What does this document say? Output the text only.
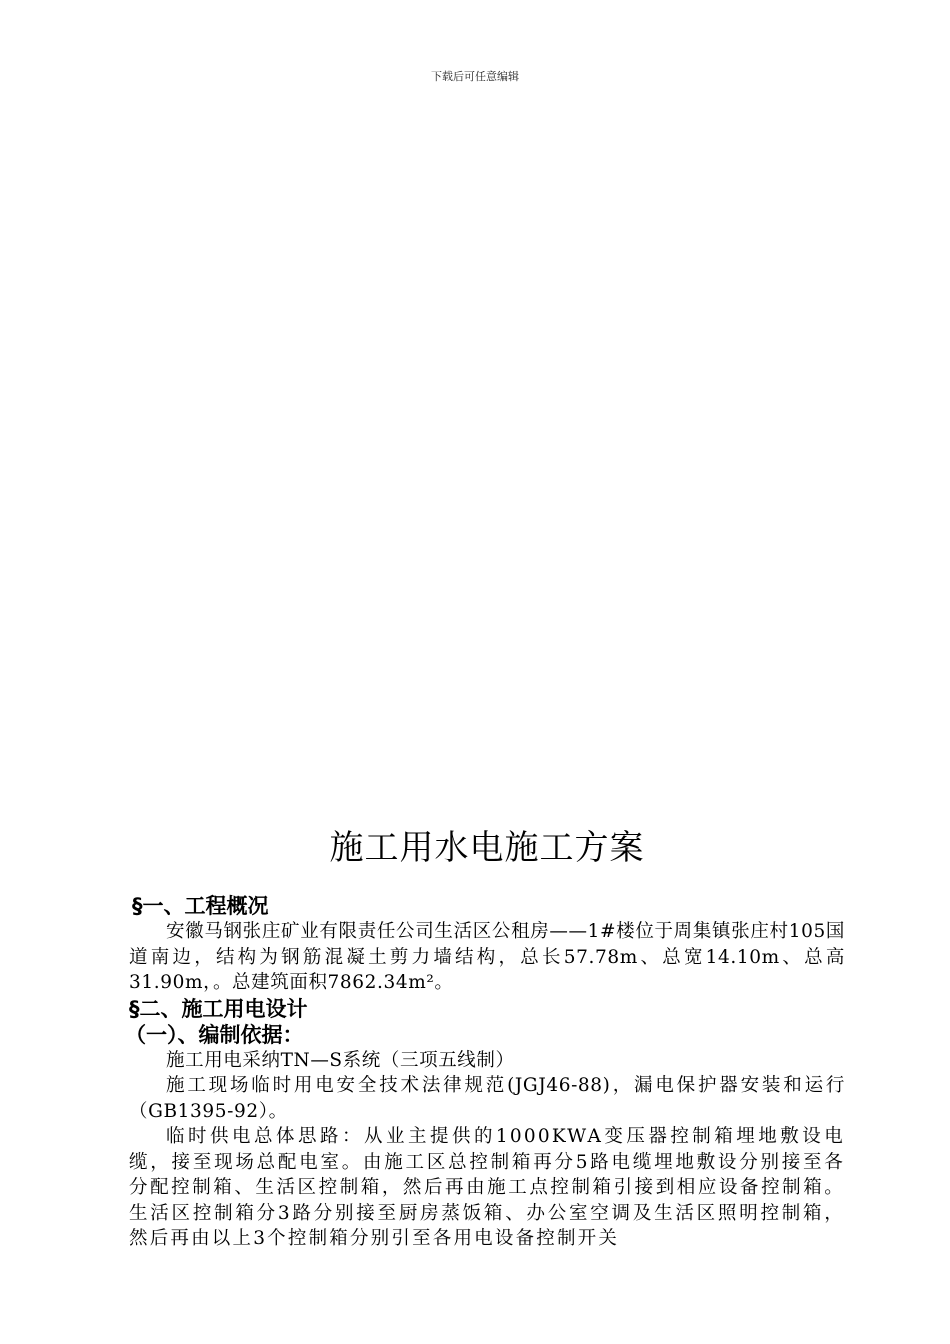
下载后可任意编辑
施工用水电施工方案
§一、工程概况

安徽马钢张庄矿业有限责任公司生活区公租房——1#楼位于周集镇张庄村105国道南边，结构为钢筋混凝土剪力墙结构，总长57.78m、总宽14.10m、总高31.90m，。总建筑面积7862.34m²。

§二、施工用电设计
（一）、编制依据：

施工用电采纳TN—S系统（三项五线制）

施工现场临时用电安全技术法律规范(JGJ46-88)，漏电保护器安装和运行（GB1395-92）。

临时供电总体思路：从业主提供的1000KWA变压器控制箱埋地敷设电缆，接至现场总配电室。由施工区总控制箱再分5路电缆埋地敷设分别接至各分配控制箱、生活区控制箱，然后再由施工点控制箱引接到相应设备控制箱。生活区控制箱分3路分别接至厨房蒸饭箱、办公室空调及生活区照明控制箱，然后再由以上3个控制箱分别引至各用电设备控制开关
